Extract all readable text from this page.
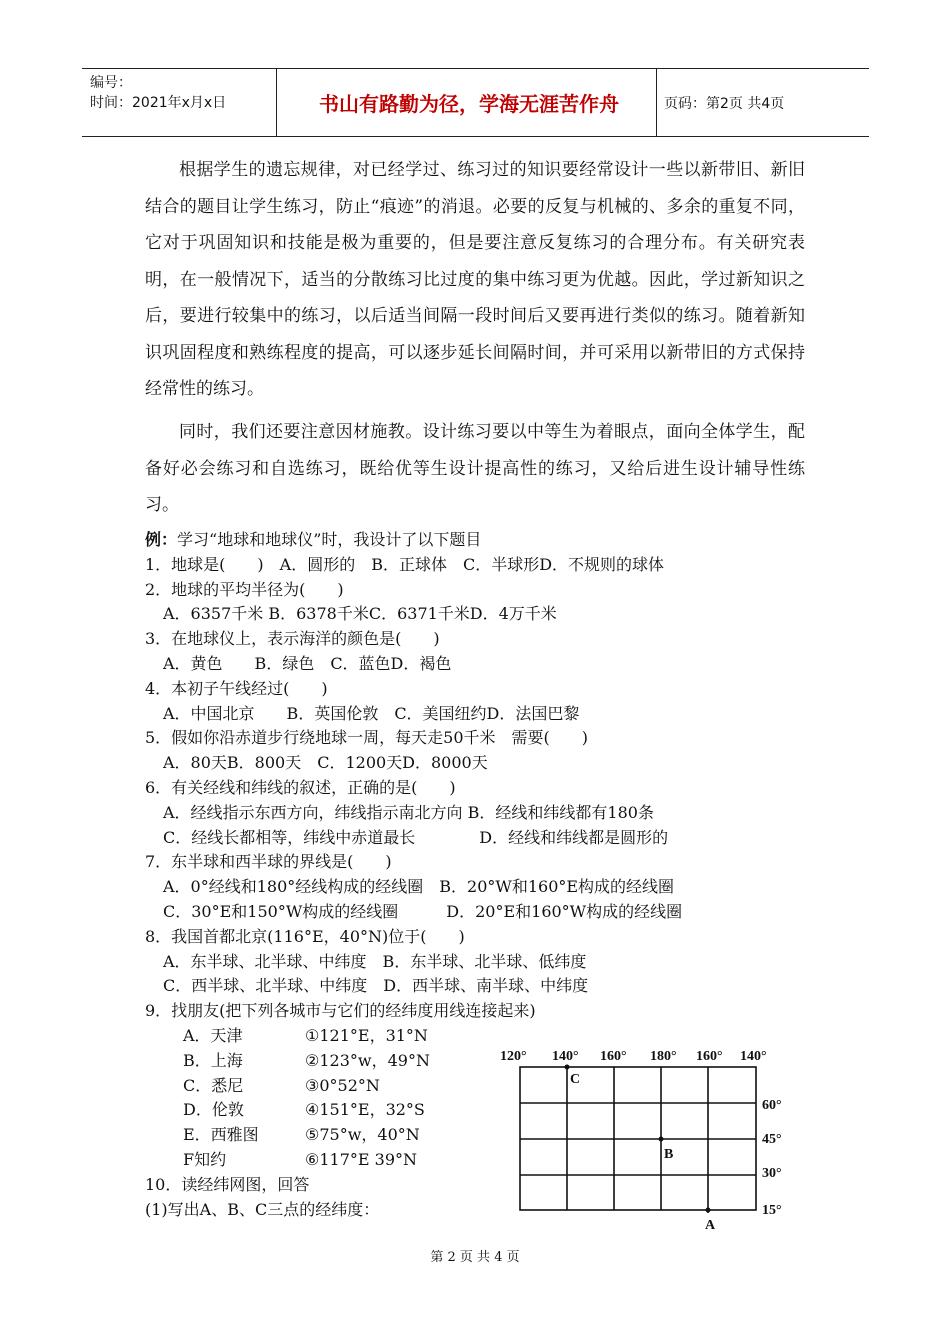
编号：
时间：2021年x月x日	书山有路勤为径，学海无涯苦作舟	页码：第2页 共4页
根据学生的遗忘规律，对已经学过、练习过的知识要经常设计一些以新带旧、新旧结合的题目让学生练习，防止“痕迹”的消退。必要的反复与机械的、多余的重复不同，它对于巩固知识和技能是极为重要的，但是要注意反复练习的合理分布。有关研究表明，在一般情况下，适当的分散练习比过度的集中练习更为优越。因此，学过新知识之后，要进行较集中的练习，以后适当间隔一段时间后又要再进行类似的练习。随着新知识巩固程度和熟练程度的提高，可以逐步延长间隔时间，并可采用以新带旧的方式保持经常性的练习。
同时，我们还要注意因材施教。设计练习要以中等生为着眼点，面向全体学生，配备好必会练习和自选练习，既给优等生设计提高性的练习，又给后进生设计辅导性练习。
例：学习“地球和地球仪”时，我设计了以下题目
1．地球是(　　)　A．圆形的　B．正球体　C．半球形D．不规则的球体
2．地球的平均半径为(　　)
A．6357千米 B．6378千米C．6371千米D．4万千米
3．在地球仪上，表示海洋的颜色是(　　)
A．黄色　　B．绿色　C．蓝色D．褐色
4．本初子午线经过(　　)
A．中国北京　　B．英国伦敦　C．美国纽约D．法国巴黎
5．假如你沿赤道步行绕地球一周，每天走50千米　需要(　　)
A．80天B．800天　C．1200天D．8000天
6．有关经线和纬线的叙述，正确的是(　　)
A．经线指示东西方向，纬线指示南北方向 B．经线和纬线都有180条
C．经线长都相等，纬线中赤道最长　　　　D．经线和纬线都是圆形的
7．东半球和西半球的界线是(　　)
A．0°经线和180°经线构成的经线圈　B．20°W和160°E构成的经线圈
C．30°E和150°W构成的经线圈　　　D．20°E和160°W构成的经线圈
8．我国首都北京(116°E，40°N)位于(　　)
A．东半球、北半球、中纬度　B．东半球、北半球、低纬度
C．西半球、北半球、中纬度　D．西半球、南半球、中纬度
9．找朋友(把下列各城市与它们的经纬度用线连接起来)
A．天津	①121°E，31°N
B．上海	②123°w，49°N
C．悉尼	③0°52°N
D．伦敦	④151°E，32°S
E．西雅图	⑤75°w，40°N
F知约	⑥117°E 39°N
10．读经纬网图，回答
(1)写出A、B、C三点的经纬度：
120° 140° 160° 180° 160° 140°
60°
45°
30°
15°
C
B
A
第 2 页 共 4 页
